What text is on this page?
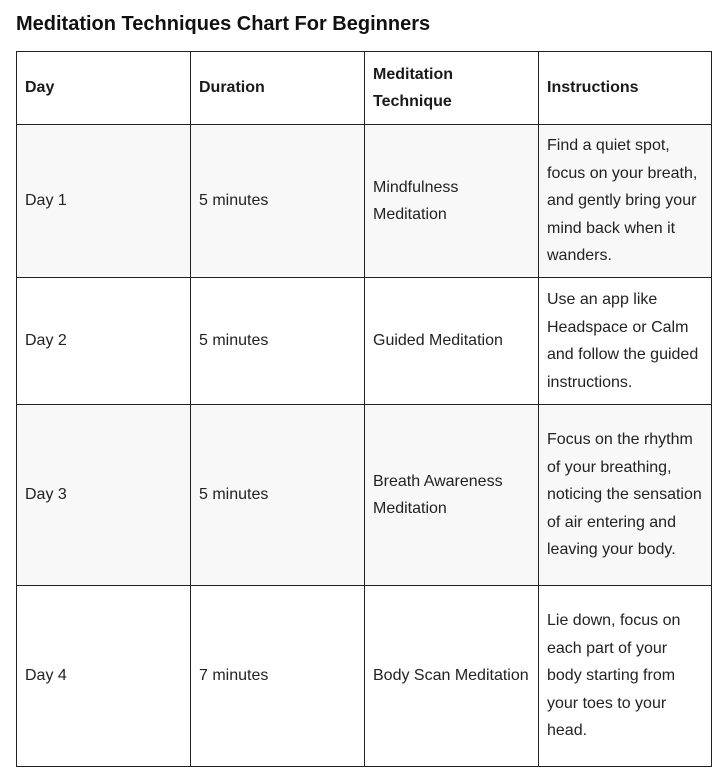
Meditation Techniques Chart For Beginners
Day	Duration	Meditation Technique	Instructions
Day 1	5 minutes	Mindfulness Meditation	Find a quiet spot, focus on your breath, and gently bring your mind back when it wanders.
Day 2	5 minutes	Guided Meditation	Use an app like Headspace or Calm and follow the guided instructions.
Day 3	5 minutes	Breath Awareness Meditation	Focus on the rhythm of your breathing, noticing the sensation of air entering and leaving your body.
Day 4	7 minutes	Body Scan Meditation	Lie down, focus on each part of your body starting from your toes to your head.
